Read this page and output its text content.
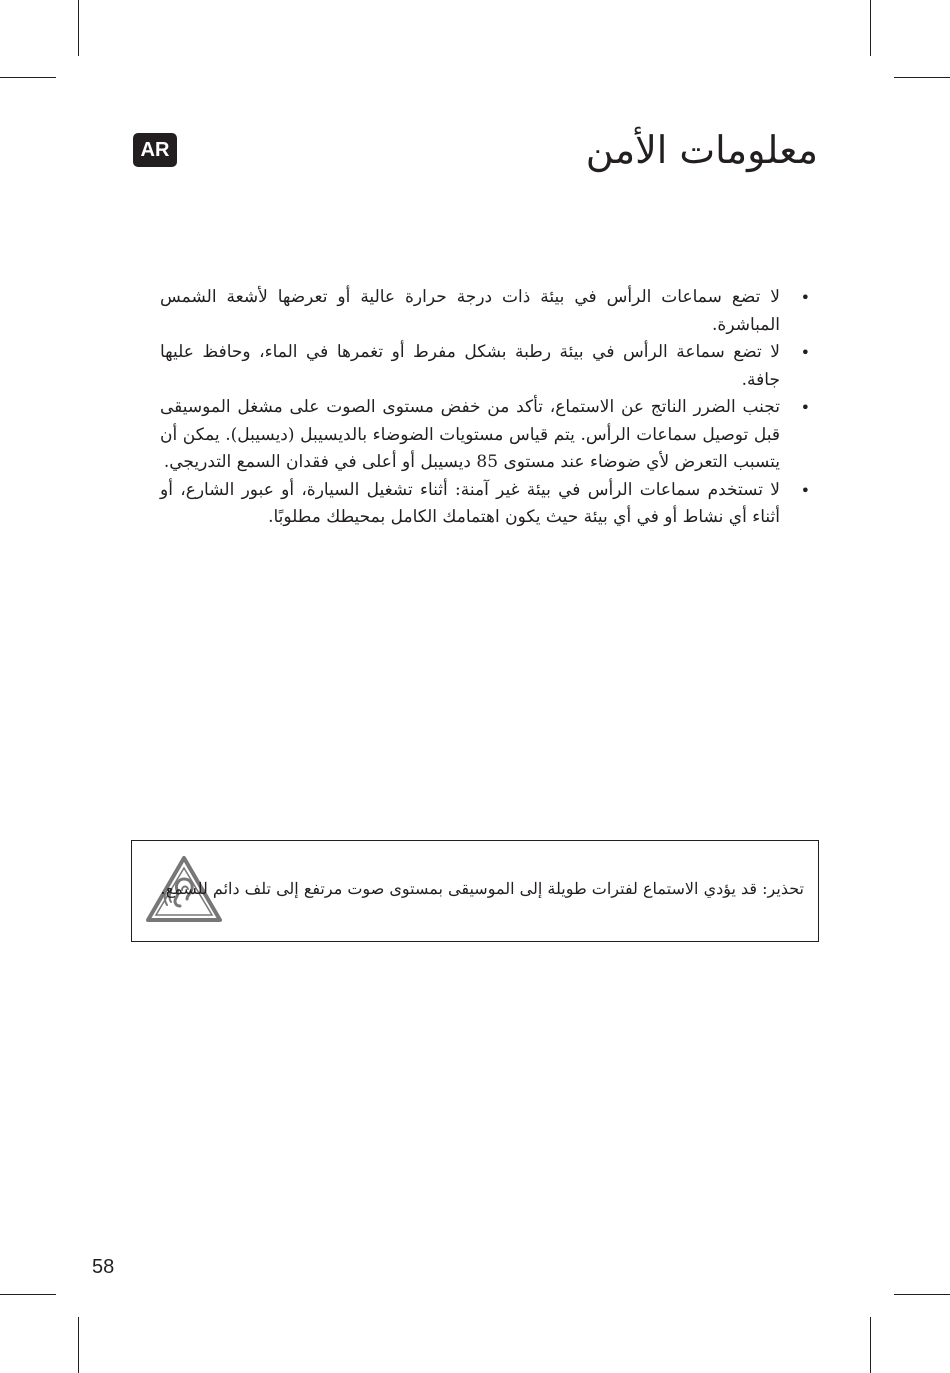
AR	معلومات الأمن
•
لا تضع سماعات الرأس في بيئة ذات درجة حرارة عالية أو تعرضها لأشعة الشمس المباشرة.
•
لا تضع سماعة الرأس في بيئة رطبة بشكل مفرط أو تغمرها في الماء، وحافظ عليها جافة.
•
تجنب الضرر الناتج عن الاستماع، تأكد من خفض مستوى الصوت على مشغل الموسيقى قبل توصيل سماعات الرأس. يتم قياس مستويات الضوضاء بالديسيبل (ديسيبل). يمكن أن يتسبب التعرض لأي ضوضاء عند مستوى 85 ديسيبل أو أعلى في فقدان السمع التدريجي.
•
لا تستخدم سماعات الرأس في بيئة غير آمنة: أثناء تشغيل السيارة، أو عبور الشارع، أو أثناء أي نشاط أو في أي بيئة حيث يكون اهتمامك الكامل بمحيطك مطلوبًا.
تحذير: قد يؤدي الاستماع لفترات طويلة إلى الموسيقى بمستوى صوت مرتفع إلى تلف دائم للسمع.
58
